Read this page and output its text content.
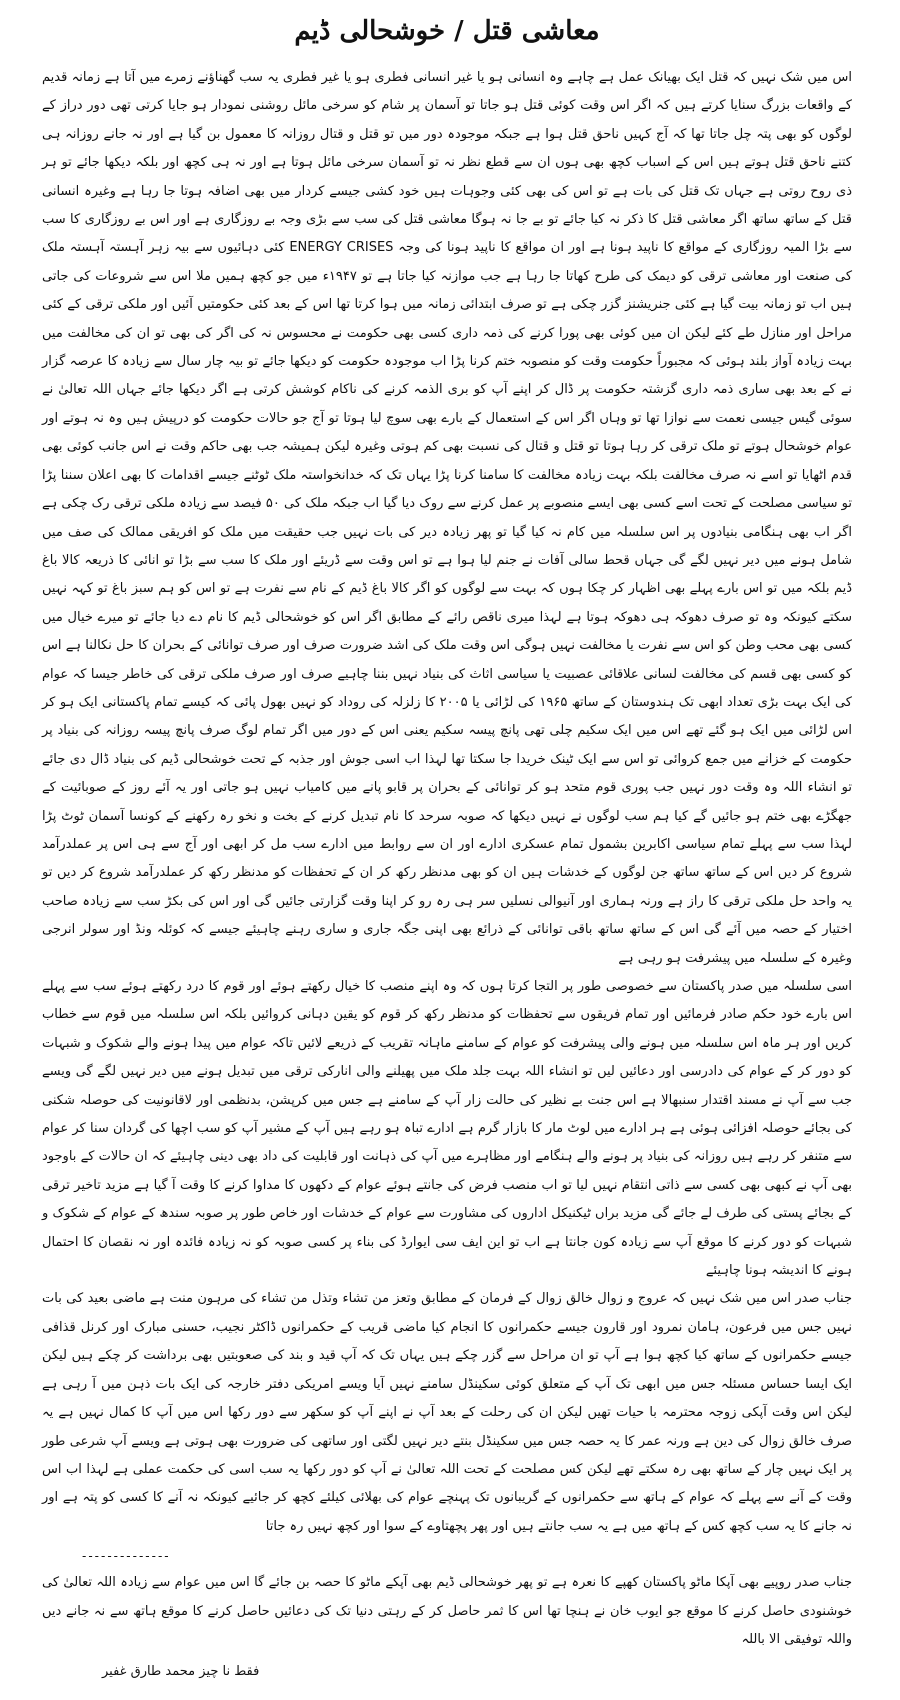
معاشی قتل / خوشحالی ڈیم

اس میں شک نہیں کہ قتل ایک بھیانک عمل ہے چاہے وہ انسانی ہو یا غیر انسانی فطری ہو یا غیر فطری یہ سب گھناؤنے زمرے میں آتا ہے زمانہ قدیم کے واقعات بزرگ سنایا کرتے ہیں کہ اگر اس وقت کوئی قتل ہو جاتا تو آسمان پر شام کو سرخی مائل روشنی نمودار ہو جایا کرتی تھی دور دراز کے لوگوں کو بھی پتہ چل جاتا تھا کہ آج کہیں ناحق قتل ہوا ہے جبکہ موجودہ دور میں تو قتل و قتال روزانہ کا معمول بن گیا ہے اور نہ جانے روزانہ ہی کتنے ناحق قتل ہوتے ہیں اس کے اسباب کچھ بھی ہوں ان سے قطع نظر نہ تو آسمان سرخی مائل ہوتا ہے اور نہ ہی کچھ اور بلکہ دیکھا جائے تو ہر ذی روح روتی ہے جہاں تک قتل کی بات ہے تو اس کی بھی کئی وجوہات ہیں خود کشی جیسے کردار میں بھی اضافہ ہوتا جا رہا ہے وغیرہ انسانی قتل کے ساتھ ساتھ اگر معاشی قتل کا ذکر نہ کیا جائے تو بے جا نہ ہوگا معاشی قتل کی سب سے بڑی وجہ بے روزگاری ہے اور اس بے روزگاری کا سب سے بڑا المیہ روزگاری کے مواقع کا ناپید ہونا ہے اور ان مواقع کا ناپید ہونا کی وجہ ENERGY CRISES کئی دہائیوں سے بیہ زہر آہستہ آہستہ ملک کی صنعت اور معاشی ترقی کو دیمک کی طرح کھاتا جا رہا ہے جب موازنہ کیا جاتا ہے تو ۱۹۴۷ء میں جو کچھ ہمیں ملا اس سے شروعات کی جاتی ہیں اب تو زمانہ بیت گیا ہے کئی جنریشنز گزر چکی ہے تو صرف ابتدائی زمانہ میں ہوا کرتا تھا اس کے بعد کئی حکومتیں آئیں اور ملکی ترقی کے کئی مراحل اور منازل طے کئے لیکن ان میں کوئی بھی پورا کرنے کی ذمہ داری کسی بھی حکومت نے محسوس نہ کی اگر کی بھی تو ان کی مخالفت میں بہت زیادہ آواز بلند ہوئی کہ مجبوراً حکومت وقت کو منصوبہ ختم کرنا پڑا اب موجودہ حکومت کو دیکھا جائے تو بیہ چار سال سے زیادہ کا عرصہ گزار نے کے بعد بھی ساری ذمہ داری گزشتہ حکومت پر ڈال کر اپنے آپ کو بری الذمہ کرنے کی ناکام کوشش کرتی ہے اگر دیکھا جائے جہاں اللہ تعالیٰ نے سوئی گیس جیسی نعمت سے نوازا تھا تو وہاں اگر اس کے استعمال کے بارے بھی سوچ لیا ہوتا تو آج جو حالات حکومت کو درپیش ہیں وہ نہ ہوتے اور عوام خوشحال ہوتے تو ملک ترقی کر رہا ہوتا تو قتل و قتال کی نسبت بھی کم ہوتی وغیرہ لیکن ہمیشہ جب بھی حاکم وقت نے اس جانب کوئی بھی قدم اٹھایا تو اسے نہ صرف مخالفت بلکہ بہت زیادہ مخالفت کا سامنا کرنا پڑا یہاں تک کہ خدانخواستہ ملک ٹوٹنے جیسے اقدامات کا بھی اعلان سننا پڑا تو سیاسی مصلحت کے تحت اسے کسی بھی ایسے منصوبے پر عمل کرنے سے روک دیا گیا اب جبکہ ملک کی ۵۰ فیصد سے زیادہ ملکی ترقی رک چکی ہے اگر اب بھی ہنگامی بنیادوں پر اس سلسلہ میں کام نہ کیا گیا تو پھر زیادہ دیر کی بات نہیں جب حقیقت میں ملک کو افریقی ممالک کی صف میں شامل ہونے میں دیر نہیں لگے گی جہاں قحط سالی آفات نے جنم لیا ہوا ہے تو اس وقت سے ڈریئے اور ملک کا سب سے بڑا تو انائی کا ذریعہ کالا باغ ڈیم بلکہ میں تو اس بارے پہلے بھی اظہار کر چکا ہوں کہ بہت سے لوگوں کو اگر کالا باغ ڈیم کے نام سے نفرت ہے تو اس کو ہم سبز باغ تو کہہ نہیں سکتے کیونکہ وہ تو صرف دھوکہ ہی دھوکہ ہوتا ہے لہذا میری ناقص رائے کے مطابق اگر اس کو خوشحالی ڈیم کا نام دے دیا جائے تو میرے خیال میں کسی بھی محب وطن کو اس سے نفرت یا مخالفت نہیں ہوگی اس وقت ملک کی اشد ضرورت صرف اور صرف توانائی کے بحران کا حل نکالنا ہے اس کو کسی بھی قسم کی مخالفت لسانی علاقائی عصبیت یا سیاسی اثاث کی بنیاد نہیں بننا چاہیے صرف اور صرف ملکی ترقی کی خاطر جیسا کہ عوام کی ایک بہت بڑی تعداد ابھی تک ہندوستان کے ساتھ ۱۹۶۵ کی لڑائی یا ۲۰۰۵ کا زلزلہ کی روداد کو نہیں بھول پائی کہ کیسے تمام پاکستانی ایک ہو کر اس لڑائی میں ایک ہو گئے تھے اس میں ایک سکیم چلی تھی پانچ پیسہ سکیم یعنی اس کے دور میں اگر تمام لوگ صرف پانچ پیسہ روزانہ کی بنیاد پر حکومت کے خزانے میں جمع کروائی تو اس سے ایک ٹینک خریدا جا سکتا تھا لہذا اب اسی جوش اور جذبہ کے تحت خوشحالی ڈیم کی بنیاد ڈال دی جائے تو انشاء اللہ وہ وقت دور نہیں جب پوری قوم متحد ہو کر توانائی کے بحران پر قابو پانے میں کامیاب نہیں ہو جاتی اور یہ آئے روز کے صوبائیت کے جھگڑے بھی ختم ہو جائیں گے کیا ہم سب لوگوں نے نہیں دیکھا کہ صوبہ سرحد کا نام تبدیل کرنے کے بخت و نخو رہ رکھنے کے کونسا آسمان ٹوٹ پڑا لہذا سب سے پہلے تمام سیاسی اکابرین بشمول تمام عسکری ادارے اور ان سے روابط میں ادارے سب مل کر ابھی اور آج سے ہی اس پر عملدرآمد شروع کر دیں اس کے ساتھ ساتھ جن لوگوں کے خدشات ہیں ان کو بھی مدنظر رکھ کر ان کے تحفظات کو مدنظر رکھ کر عملدرآمد شروع کر دیں تو یہ واحد حل ملکی ترقی کا راز ہے ورنہ ہماری اور آنیوالی نسلیں سر ہی رہ رو کر اپنا وقت گزارتی جائیں گی اور اس کی بکڑ سب سے زیادہ صاحب اختیار کے حصہ میں آئے گی اس کے ساتھ ساتھ باقی توانائی کے ذرائع بھی اپنی جگہ جاری و ساری رہنے چاہیئے جیسے کہ کوئلہ ونڈ اور سولر انرجی وغیرہ کے سلسلہ میں پیشرفت ہو رہی ہے

اسی سلسلہ میں صدر پاکستان سے خصوصی طور پر التجا کرتا ہوں کہ وہ اپنے منصب کا خیال رکھتے ہوئے اور قوم کا درد رکھتے ہوئے سب سے پہلے اس بارے خود حکم صادر فرمائیں اور تمام فریقوں سے تحفظات کو مدنظر رکھ کر قوم کو یقین دہانی کروائیں بلکہ اس سلسلہ میں قوم سے خطاب کریں اور ہر ماہ اس سلسلہ میں ہونے والی پیشرفت کو عوام کے سامنے ماہانہ تقریب کے ذریعے لائیں تاکہ عوام میں پیدا ہونے والے شکوک و شبہات کو دور کر کے عوام کی دادرسی اور دعائیں لیں تو انشاء اللہ بہت جلد ملک میں پھیلنے والی انارکی ترقی میں تبدیل ہونے میں دیر نہیں لگے گی ویسے جب سے آپ نے مسند اقتدار سنبھالا ہے اس جنت بے نظیر کی حالت زار آپ کے سامنے ہے جس میں کرپشن، بدنظمی اور لاقانونیت کی حوصلہ شکنی کی بجائے حوصلہ افزائی ہوئی ہے ہر ادارے میں لوٹ مار کا بازار گرم ہے ادارے تباہ ہو رہے ہیں آپ کے مشیر آپ کو سب اچھا کی گردان سنا کر عوام سے متنفر کر رہے ہیں روزانہ کی بنیاد پر ہونے والے ہنگامے اور مظاہرے میں آپ کی ذہانت اور قابلیت کی داد بھی دینی چاہیئے کہ ان حالات کے باوجود بھی آپ نے کبھی بھی کسی سے ذاتی انتقام نہیں لیا تو اب منصب فرض کی جانتے ہوئے عوام کے دکھوں کا مداوا کرنے کا وقت آ گیا ہے مزید تاخیر ترقی کے بجائے پستی کی طرف لے جائے گی مزید براں ٹیکنیکل اداروں کی مشاورت سے عوام کے خدشات اور خاص طور پر صوبہ سندھ کے عوام کے شکوک و شبہات کو دور کرنے کا موقع آپ سے زیادہ کون جانتا ہے اب تو این ایف سی ایوارڈ کی بناء پر کسی صوبہ کو نہ زیادہ فائدہ اور نہ نقصان کا احتمال ہونے کا اندیشہ ہونا چاہیئے

جناب صدر اس میں شک نہیں کہ عروج و زوال خالق زوال کے فرمان کے مطابق وتعز من تشاء وتذل من تشاء کی مرہون منت ہے ماضی بعید کی بات نہیں جس میں فرعون، ہامان نمرود اور قارون جیسے حکمرانوں کا انجام کیا ماضی قریب کے حکمرانوں ڈاکٹر نجیب، حسنی مبارک اور کرنل قذافی جیسے حکمرانوں کے ساتھ کیا کچھ ہوا ہے آپ تو ان مراحل سے گزر چکے ہیں یہاں تک کہ آپ قید و بند کی صعوبتیں بھی برداشت کر چکے ہیں لیکن ایک ایسا حساس مسئلہ جس میں ابھی تک آپ کے متعلق کوئی سکینڈل سامنے نہیں آیا ویسے امریکی دفتر خارجہ کی ایک بات ذہن میں آ رہی ہے لیکن اس وقت آپکی زوجہ محترمہ با حیات تھیں لیکن ان کی رحلت کے بعد آپ نے اپنے آپ کو سکھر سے دور رکھا اس میں آپ کا کمال نہیں ہے یہ صرف خالق زوال کی دین ہے ورنہ عمر کا یہ حصہ جس میں سکینڈل بنتے دیر نہیں لگتی اور ساتھی کی ضرورت بھی ہوتی ہے ویسے آپ شرعی طور پر ایک نہیں چار کے ساتھ بھی رہ سکتے تھے لیکن کس مصلحت کے تحت اللہ تعالیٰ نے آپ کو دور رکھا یہ سب اسی کی حکمت عملی ہے لہذا اب اس وقت کے آنے سے پہلے کہ عوام کے ہاتھ سے حکمرانوں کے گریبانوں تک پہنچے عوام کی بھلائی کیلئے کچھ کر جائیے کیونکہ نہ آنے کا کسی کو پتہ ہے اور نہ جانے کا یہ سب کچھ کس کے ہاتھ میں ہے یہ سب جانتے ہیں اور پھر پچھتاوے کے سوا اور کچھ نہیں رہ جاتا

--------------

جناب صدر روپیے بھی آپکا ماٹو پاکستان کھپے کا نعرہ ہے تو پھر خوشحالی ڈیم بھی آپکے ماٹو کا حصہ بن جائے گا اس میں عوام سے زیادہ اللہ تعالیٰ کی خوشنودی حاصل کرنے کا موقع جو ایوب خان نے ہنچا تھا اس کا ثمر حاصل کر کے رہتی دنیا تک کی دعائیں حاصل کرنے کا موقع ہاتھ سے نہ جانے دیں واللہ توفیقی الا باللہ

فقط نا چیز محمد طارق غفیر
